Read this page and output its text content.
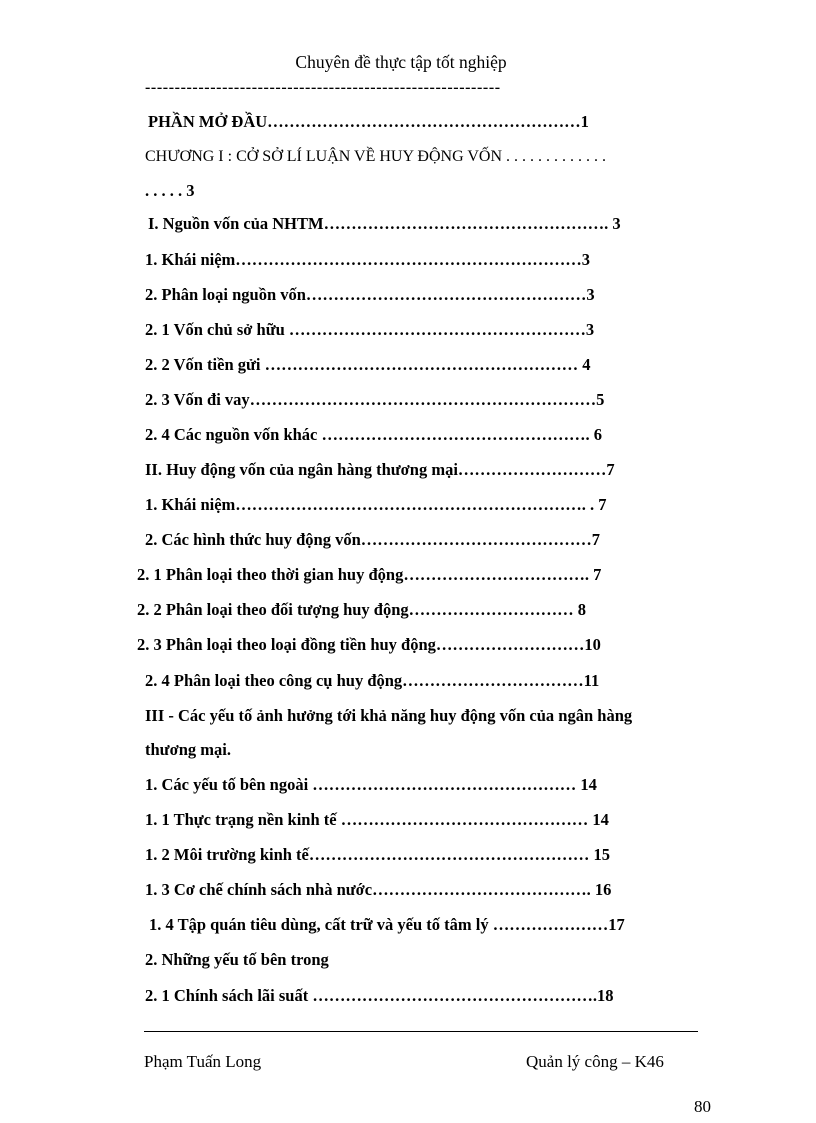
Chuyên đề thực tập tốt nghiệp
------------------------------------------------------------
PHẦN MỞ ĐẦU…………………………………………………1
CHƯƠNG I : CỞ SỞ LÍ LUẬN VỀ HUY ĐỘNG VỐN . . . . . . . . . . . . .
. . . . . 3
I. Nguồn vốn của NHTM……………………………………………. 3
1. Khái niệm………………………………………………………3
2. Phân loại nguồn vốn……………………………………………3
2. 1 Vốn chủ sở hữu ………………………………………………3
2. 2 Vốn tiền gửi ………………………………………………… 4
2. 3 Vốn đi vay………………………………………………………5
2. 4 Các nguồn vốn khác …………………………………………. 6
II. Huy động vốn của ngân hàng thương mại………………………7
1. Khái niệm………………………………………………………. . 7
2. Các hình thức huy động vốn……………………………………7
2. 1 Phân loại theo thời gian huy động……………………………. 7
2. 2 Phân loại theo đối tượng huy động………………………… 8
2. 3 Phân loại theo loại đồng tiền huy động………………………10
2. 4 Phân loại theo công cụ huy động……………………………11
III - Các yếu tố ảnh hưởng tới khả năng huy động vốn của ngân hàng
thương mại.
1. Các yếu tố bên ngoài ………………………………………… 14
1. 1 Thực trạng nền kinh tế ……………………………………… 14
1. 2 Môi trường kinh tế…………………………………………… 15
1. 3 Cơ chế chính sách nhà nước…………………………………. 16
1. 4 Tập quán tiêu dùng, cất trữ và yếu tố tâm lý …………………17
2. Những yếu tố bên trong
2. 1 Chính sách lãi suất …………………………………………….18
Phạm Tuấn Long	Quản lý công – K46
80
